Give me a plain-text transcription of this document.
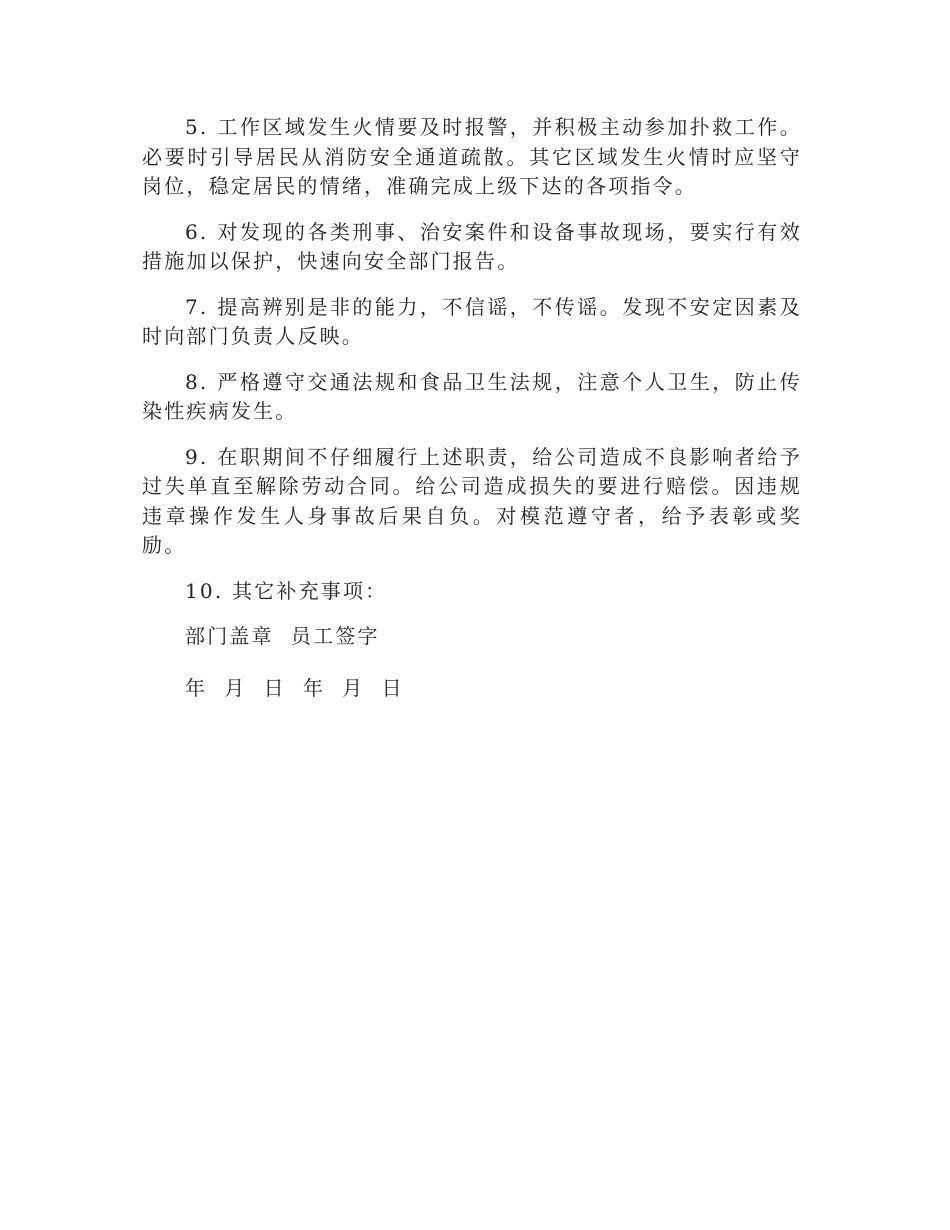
5. 工作区域发生火情要及时报警，并积极主动参加扑救工作。必要时引导居民从消防安全通道疏散。其它区域发生火情时应坚守岗位，稳定居民的情绪，准确完成上级下达的各项指令。

6. 对发现的各类刑事、治安案件和设备事故现场，要实行有效措施加以保护，快速向安全部门报告。

7. 提高辨别是非的能力，不信谣，不传谣。发现不安定因素及时向部门负责人反映。

8. 严格遵守交通法规和食品卫生法规，注意个人卫生，防止传染性疾病发生。

9. 在职期间不仔细履行上述职责，给公司造成不良影响者给予过失单直至解除劳动合同。给公司造成损失的要进行赔偿。因违规违章操作发生人身事故后果自负。对模范遵守者，给予表彰或奖励。

10. 其它补充事项：

部门盖章  员工签字

年  月  日  年  月  日
